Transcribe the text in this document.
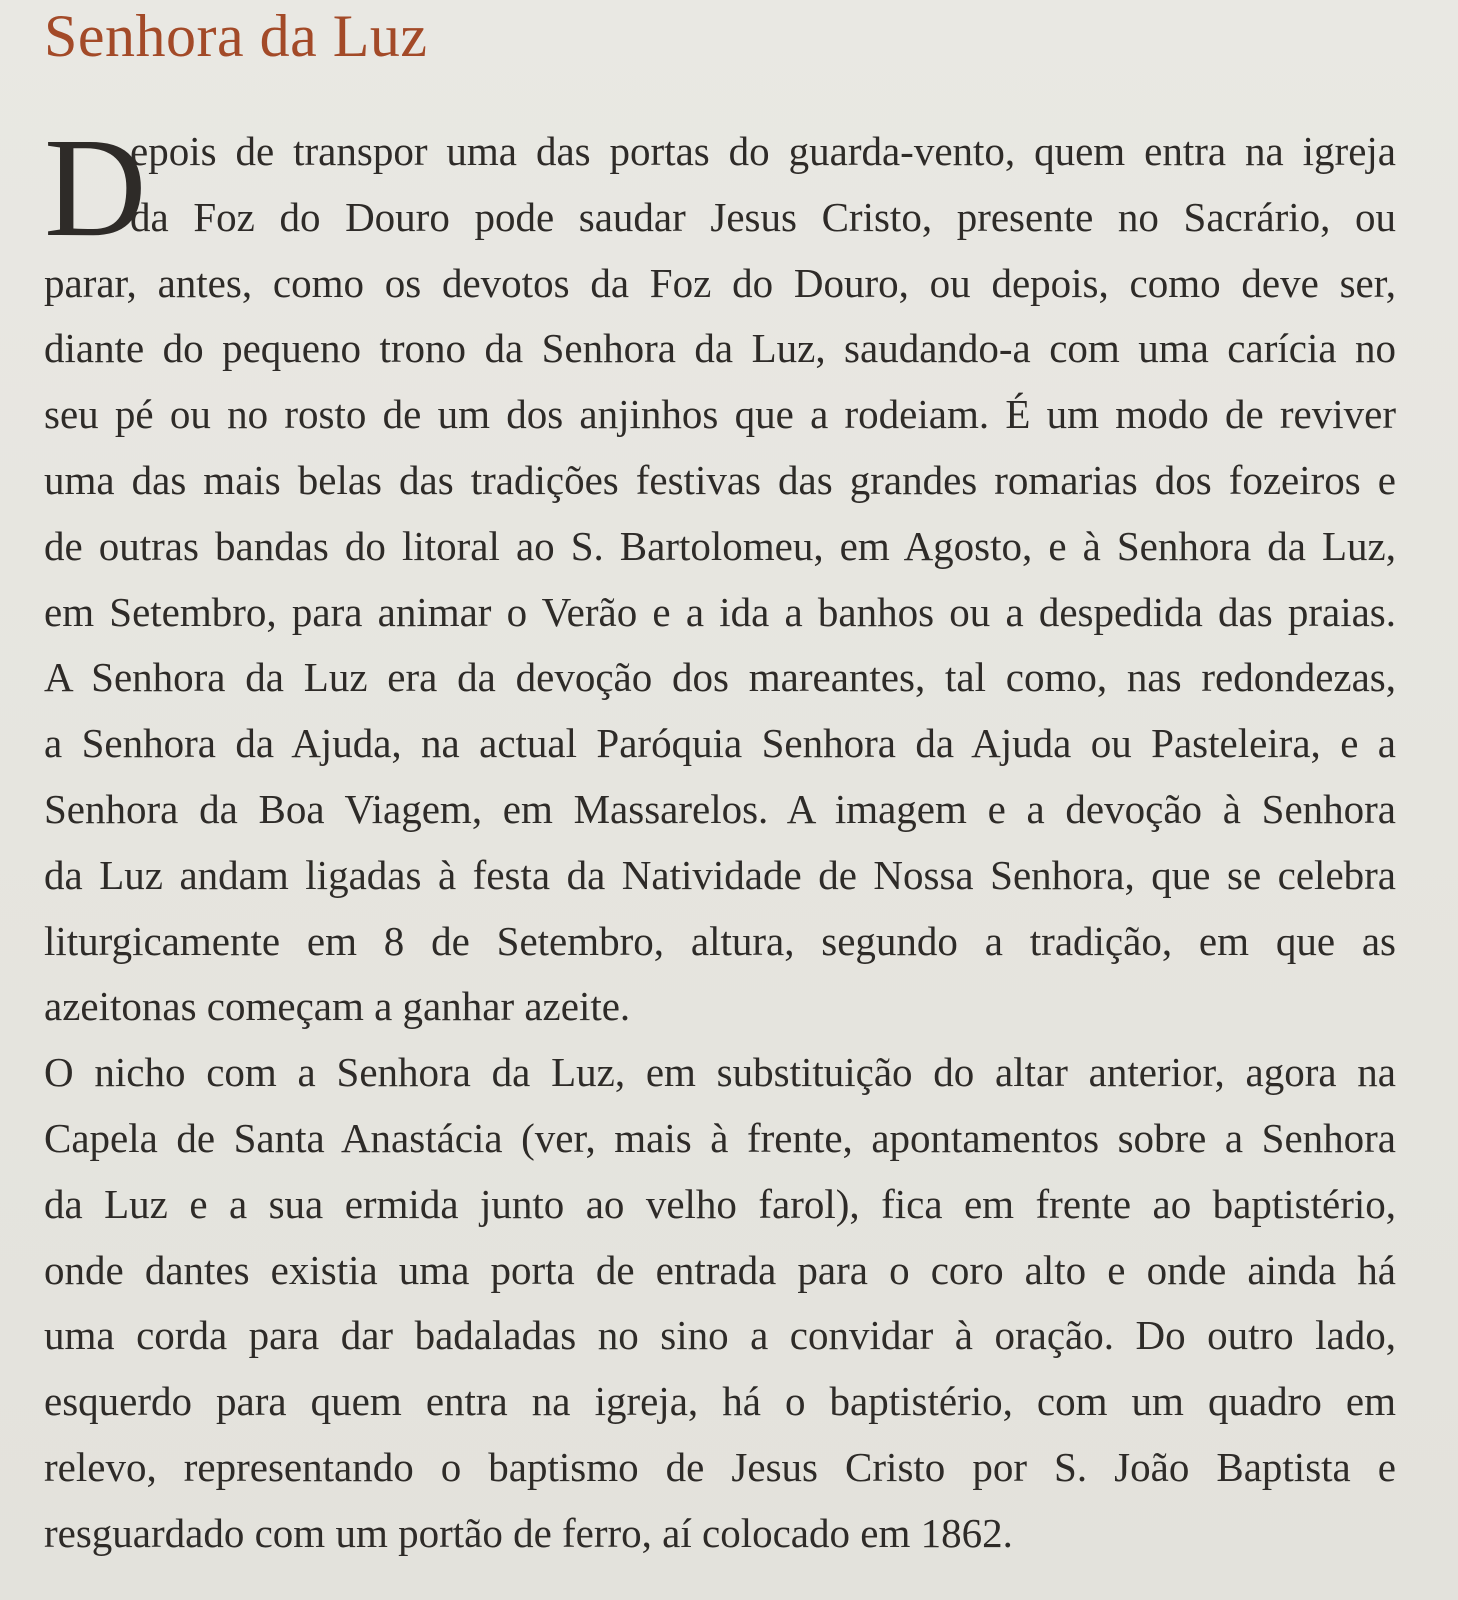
Senhora da Luz
D
epois de transpor uma das portas do guarda-vento, quem entra na igreja
da Foz do Douro pode saudar Jesus Cristo, presente no Sacrário, ou
parar, antes, como os devotos da Foz do Douro, ou depois, como deve ser,
diante do pequeno trono da Senhora da Luz, saudando-a com uma carícia no
seu pé ou no rosto de um dos anjinhos que a rodeiam. É um modo de reviver
uma das mais belas das tradições festivas das grandes romarias dos fozeiros e
de outras bandas do litoral ao S. Bartolomeu, em Agosto, e à Senhora da Luz,
em Setembro, para animar o Verão e a ida a banhos ou a despedida das praias.
A Senhora da Luz era da devoção dos mareantes, tal como, nas redondezas,
a Senhora da Ajuda, na actual Paróquia Senhora da Ajuda ou Pasteleira, e a
Senhora da Boa Viagem, em Massarelos. A imagem e a devoção à Senhora
da Luz andam ligadas à festa da Natividade de Nossa Senhora, que se celebra
liturgicamente em 8 de Setembro, altura, segundo a tradição, em que as
azeitonas começam a ganhar azeite.
O nicho com a Senhora da Luz, em substituição do altar anterior, agora na
Capela de Santa Anastácia (ver, mais à frente, apontamentos sobre a Senhora
da Luz e a sua ermida junto ao velho farol), fica em frente ao baptistério,
onde dantes existia uma porta de entrada para o coro alto e onde ainda há
uma corda para dar badaladas no sino a convidar à oração. Do outro lado,
esquerdo para quem entra na igreja, há o baptistério, com um quadro em
relevo, representando o baptismo de Jesus Cristo por S. João Baptista e
resguardado com um portão de ferro, aí colocado em 1862.
